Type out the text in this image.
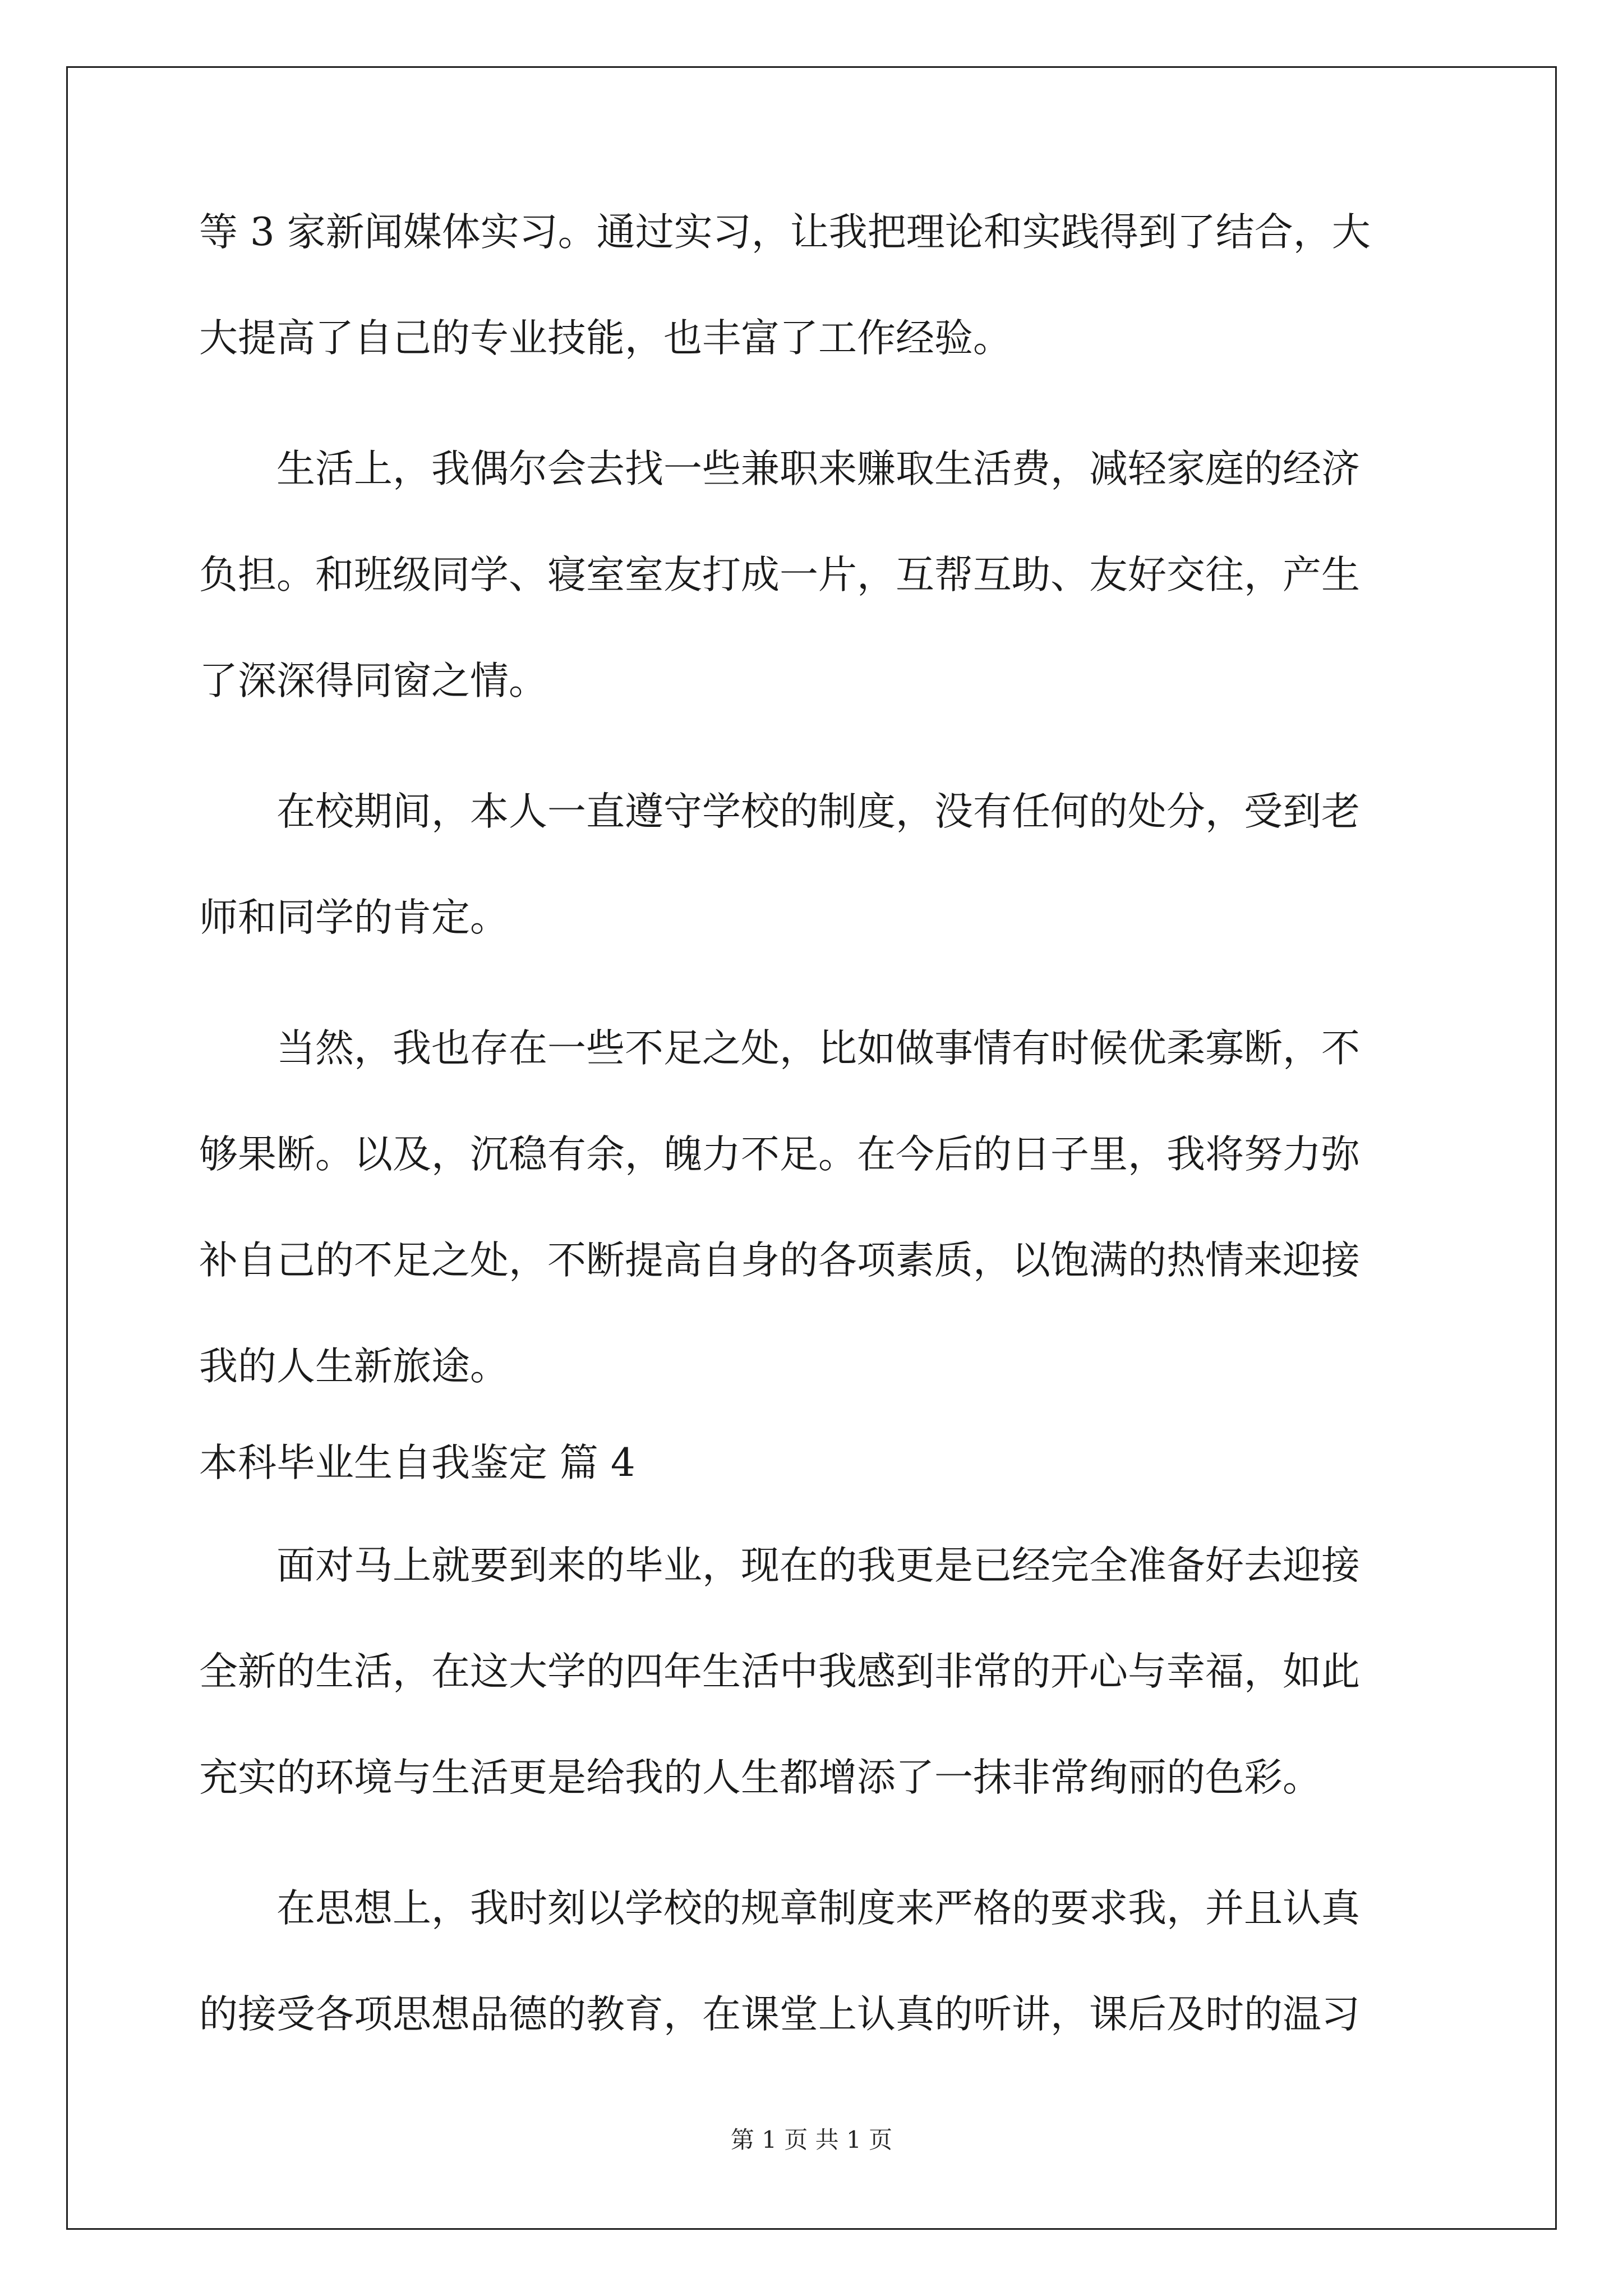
等 3 家新闻媒体实习。通过实习，让我把理论和实践得到了结合，大
大提高了自己的专业技能，也丰富了工作经验。
　　生活上，我偶尔会去找一些兼职来赚取生活费，减轻家庭的经济
负担。和班级同学、寝室室友打成一片，互帮互助、友好交往，产生
了深深得同窗之情。
　　在校期间，本人一直遵守学校的制度，没有任何的处分，受到老
师和同学的肯定。
　　当然，我也存在一些不足之处，比如做事情有时候优柔寡断，不
够果断。以及，沉稳有余，魄力不足。在今后的日子里，我将努力弥
补自己的不足之处，不断提高自身的各项素质，以饱满的热情来迎接
我的人生新旅途。
本科毕业生自我鉴定 篇 4
　　面对马上就要到来的毕业，现在的我更是已经完全准备好去迎接
全新的生活，在这大学的四年生活中我感到非常的开心与幸福，如此
充实的环境与生活更是给我的人生都增添了一抹非常绚丽的色彩。
　　在思想上，我时刻以学校的规章制度来严格的要求我，并且认真
的接受各项思想品德的教育，在课堂上认真的听讲，课后及时的温习
第 1 页 共 1 页
